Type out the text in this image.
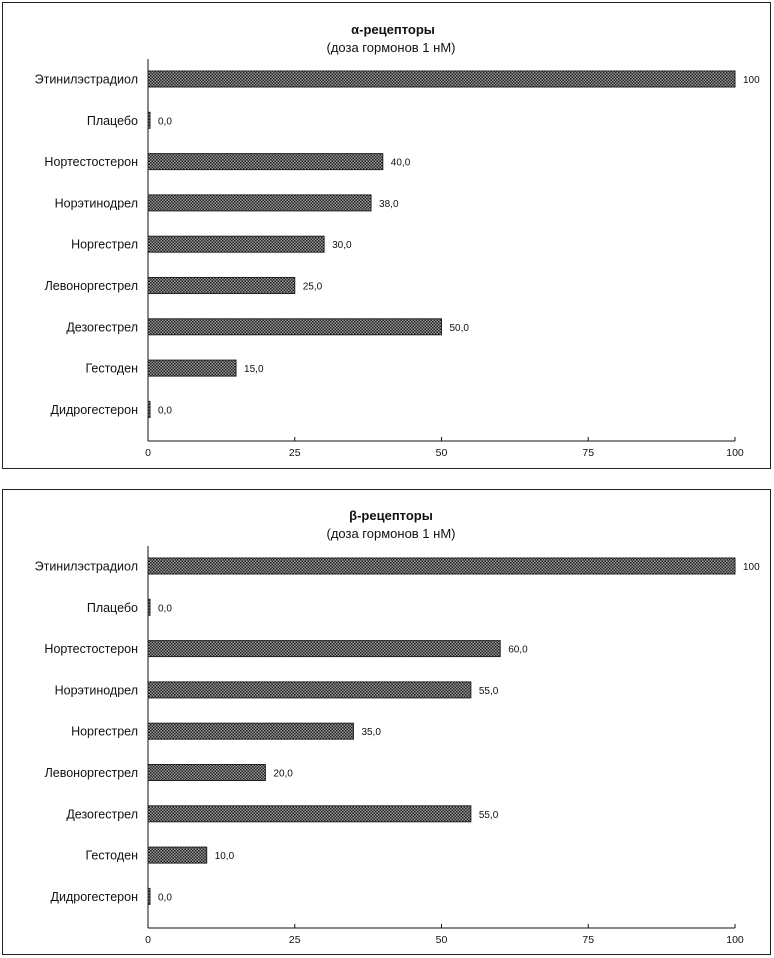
α-рецепторы
(доза гормонов 1 нМ)
0	25	50	75	100
Этинилэстрадиол	100
Плацебо 0,0
Нортестостерон	40,0
Норэтинодрел	38,0
Норгестрел	30,0
Левоноргестрел	25,0
Дезогестрел	50,0
Гестоден	15,0
Дидрогестерон 0,0
β-рецепторы
(доза гормонов 1 нМ)
0	25	50	75	100
Этинилэстрадиол	100
Плацебо 0,0
Нортестостерон	60,0
Норэтинодрел	55,0
Норгестрел	35,0
Левоноргестрел	20,0
Дезогестрел	55,0
Гестоден	10,0
Дидрогестерон 0,0
